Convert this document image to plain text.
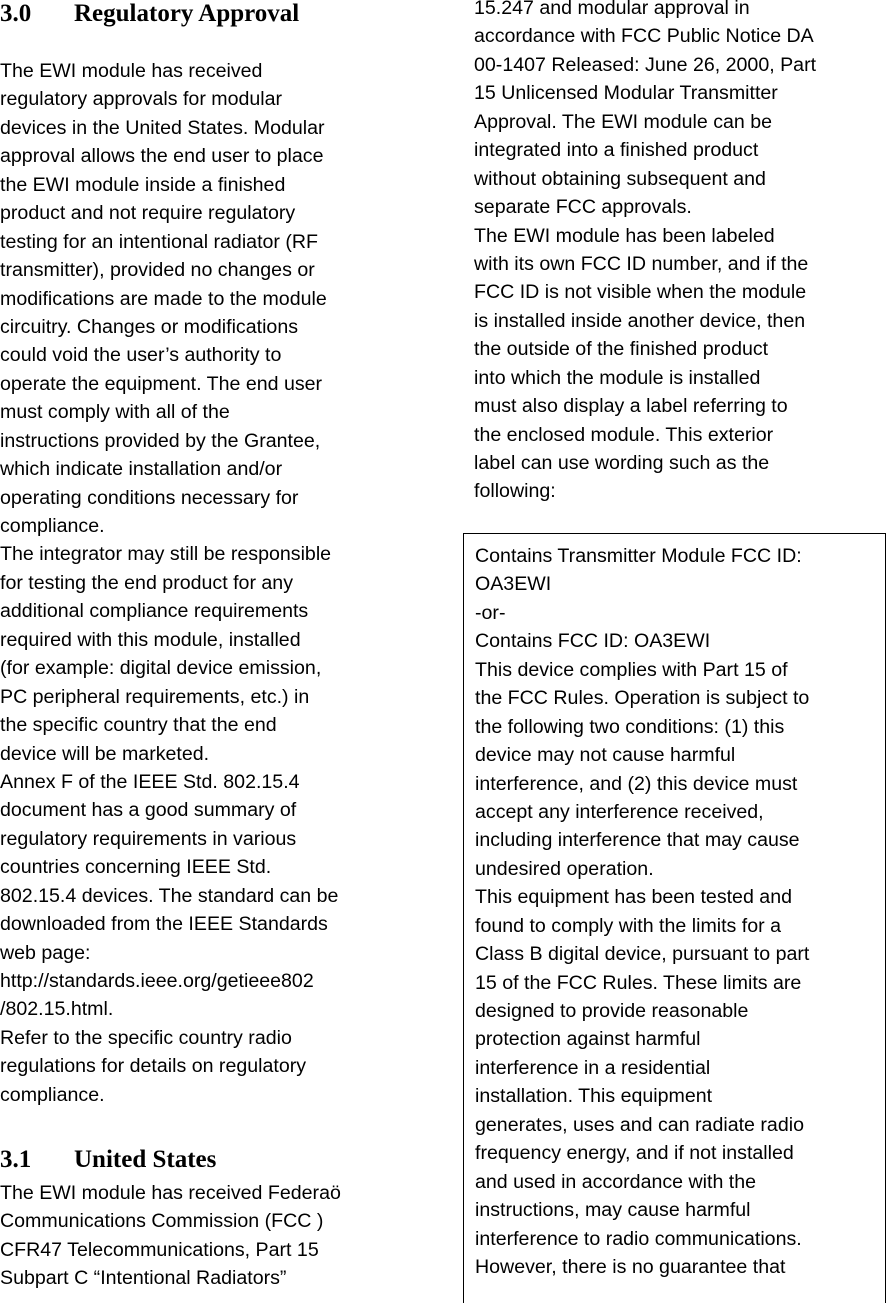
3.0 Regulatory Approval
The EWI module has received
regulatory approvals for modular
devices in the United States. Modular
approval allows the end user to place
the EWI module inside a finished
product and not require regulatory
testing for an intentional radiator (RF
transmitter), provided no changes or
modifications are made to the module
circuitry. Changes or modifications
could void the user’s authority to
operate the equipment. The end user
must comply with all of the
instructions provided by the Grantee,
which indicate installation and/or
operating conditions necessary for
compliance.
The integrator may still be responsible
for testing the end product for any
additional compliance requirements
required with this module, installed
(for example: digital device emission,
PC peripheral requirements, etc.) in
the specific country that the end
device will be marketed.
Annex F of the IEEE Std. 802.15.4
document has a good summary of
regulatory requirements in various
countries concerning IEEE Std.
802.15.4 devices. The standard can be
downloaded from the IEEE Standards
web page:
http://standards.ieee.org/getieee802
/802.15.html.
Refer to the specific country radio
regulations for details on regulatory
compliance.
3.1 United States
The EWI module has received Federaö
Communications Commission (FCC )
CFR47 Telecommunications, Part 15
Subpart C “Intentional Radiators”
15.247 and modular approval in
accordance with FCC Public Notice DA
00-1407 Released: June 26, 2000, Part
15 Unlicensed Modular Transmitter
Approval. The EWI module can be
integrated into a finished product
without obtaining subsequent and
separate FCC approvals.
The EWI module has been labeled
with its own FCC ID number, and if the
FCC ID is not visible when the module
is installed inside another device, then
the outside of the finished product
into which the module is installed
must also display a label referring to
the enclosed module. This exterior
label can use wording such as the
following:
Contains Transmitter Module FCC ID:
OA3EWI
-or-
Contains FCC ID: OA3EWI
This device complies with Part 15 of
the FCC Rules. Operation is subject to
the following two conditions: (1) this
device may not cause harmful
interference, and (2) this device must
accept any interference received,
including interference that may cause
undesired operation.
This equipment has been tested and
found to comply with the limits for a
Class B digital device, pursuant to part
15 of the FCC Rules. These limits are
designed to provide reasonable
protection against harmful
interference in a residential
installation. This equipment
generates, uses and can radiate radio
frequency energy, and if not installed
and used in accordance with the
instructions, may cause harmful
interference to radio communications.
However, there is no guarantee that
